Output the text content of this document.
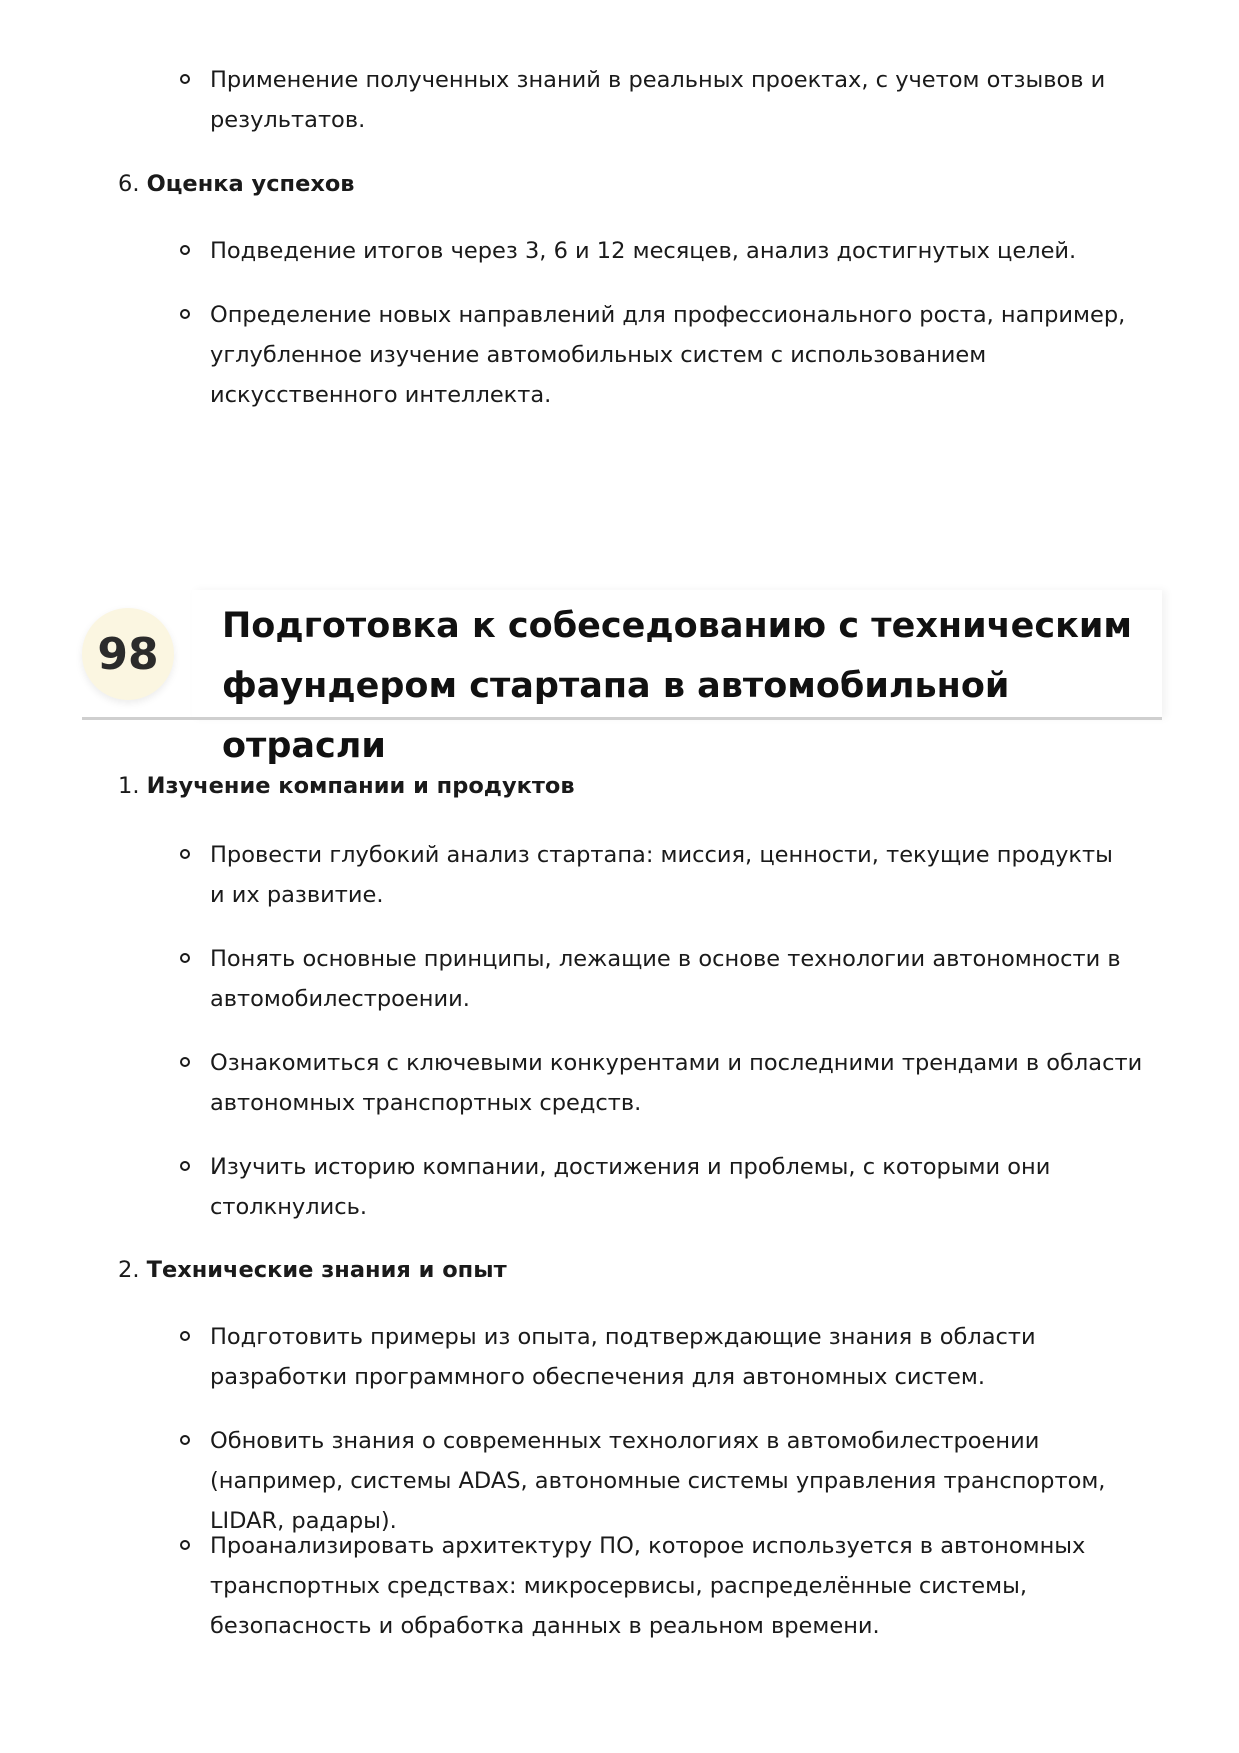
Применение полученных знаний в реальных проектах, с учетом отзывов и результатов.

6. Оценка успехов

Подведение итогов через 3, 6 и 12 месяцев, анализ достигнутых целей.

Определение новых направлений для профессионального роста, например, углубленное изучение автомобильных систем с использованием искусственного интеллекта.

98
Подготовка к собеседованию с техническим фаундером стартапа в автомобильной отрасли
1. Изучение компании и продуктов

Провести глубокий анализ стартапа: миссия, ценности, текущие продукты и их развитие.

Понять основные принципы, лежащие в основе технологии автономности в автомобилестроении.

Ознакомиться с ключевыми конкурентами и последними трендами в области автономных транспортных средств.

Изучить историю компании, достижения и проблемы, с которыми они столкнулись.

2. Технические знания и опыт

Подготовить примеры из опыта, подтверждающие знания в области разработки программного обеспечения для автономных систем.

Обновить знания о современных технологиях в автомобилестроении (например, системы ADAS, автономные системы управления транспортом, LIDAR, радары).

Проанализировать архитектуру ПО, которое используется в автономных транспортных средствах: микросервисы, распределённые системы, безопасность и обработка данных в реальном времени.
